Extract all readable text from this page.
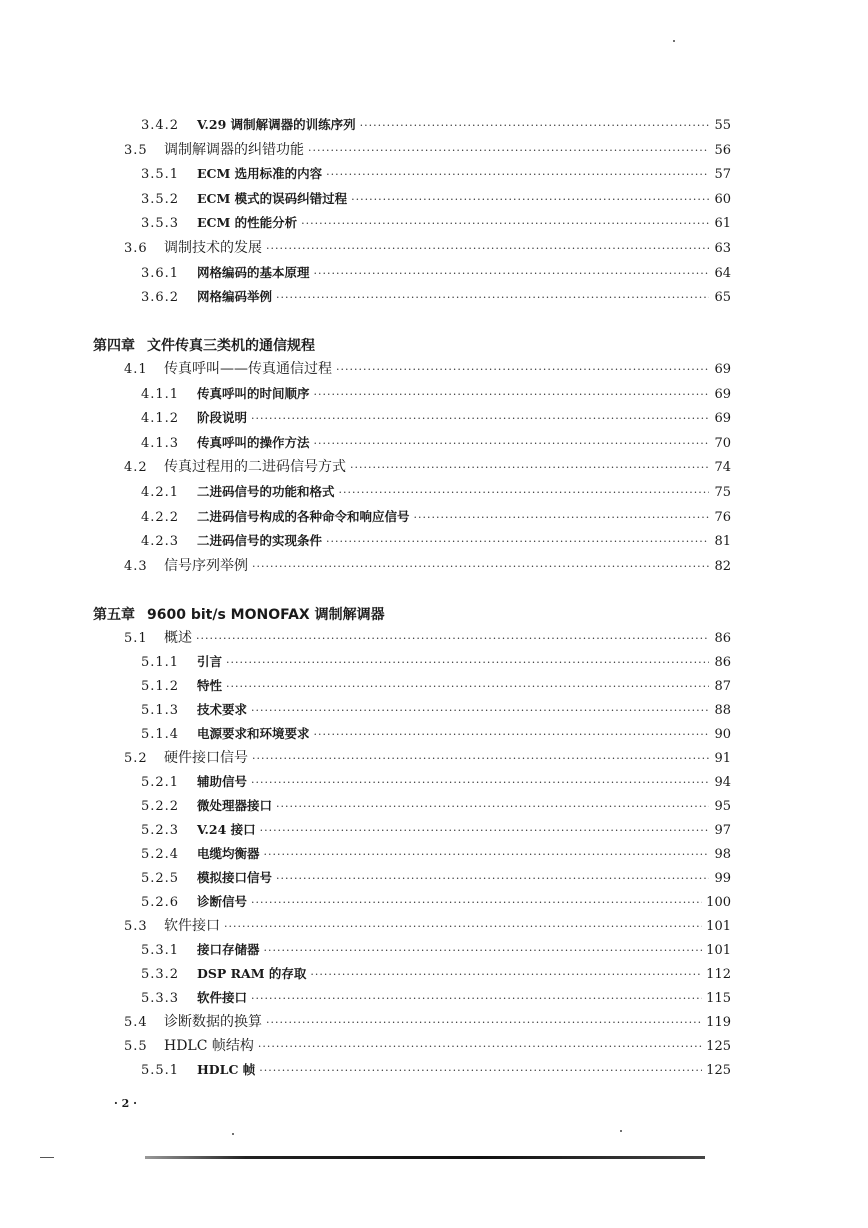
3.4.2	V.29 调制解调器的训练序列 ·····	55
3.5	调制解调器的纠错功能 ·····	56
3.5.1	ECM 选用标准的内容 ·····	57
3.5.2	ECM 模式的误码纠错过程 ·····	60
3.5.3	ECM 的性能分析 ·····	61
3.6	调制技术的发展 ·····	63
3.6.1	网格编码的基本原理 ·····	64
3.6.2	网格编码举例 ·····	65
第四章 文件传真三类机的通信规程
4.1	传真呼叫——传真通信过程 ·····	69
4.1.1	传真呼叫的时间顺序 ·····	69
4.1.2	阶段说明 ·····	69
4.1.3	传真呼叫的操作方法 ·····	70
4.2	传真过程用的二进码信号方式 ·····	74
4.2.1	二进码信号的功能和格式 ·····	75
4.2.2	二进码信号构成的各种命令和响应信号 ·····	76
4.2.3	二进码信号的实现条件 ·····	81
4.3	信号序列举例 ·····	82
第五章 9600 bit/s MONOFAX 调制解调器
5.1	概述 ·····	86
5.1.1	引言 ·····	86
5.1.2	特性 ·····	87
5.1.3	技术要求 ·····	88
5.1.4	电源要求和环境要求 ·····	90
5.2	硬件接口信号 ·····	91
5.2.1	辅助信号 ·····	94
5.2.2	微处理器接口 ·····	95
5.2.3	V.24 接口 ·····	97
5.2.4	电缆均衡器 ·····	98
5.2.5	模拟接口信号 ·····	99
5.2.6	诊断信号 ·····	100
5.3	软件接口 ·····	101
5.3.1	接口存储器 ·····	101
5.3.2	DSP RAM 的存取 ·····	112
5.3.3	软件接口 ·····	115
5.4	诊断数据的换算 ·····	119
5.5	HDLC 帧结构 ·····	125
5.5.1	HDLC 帧 ·····	125
· 2 ·
